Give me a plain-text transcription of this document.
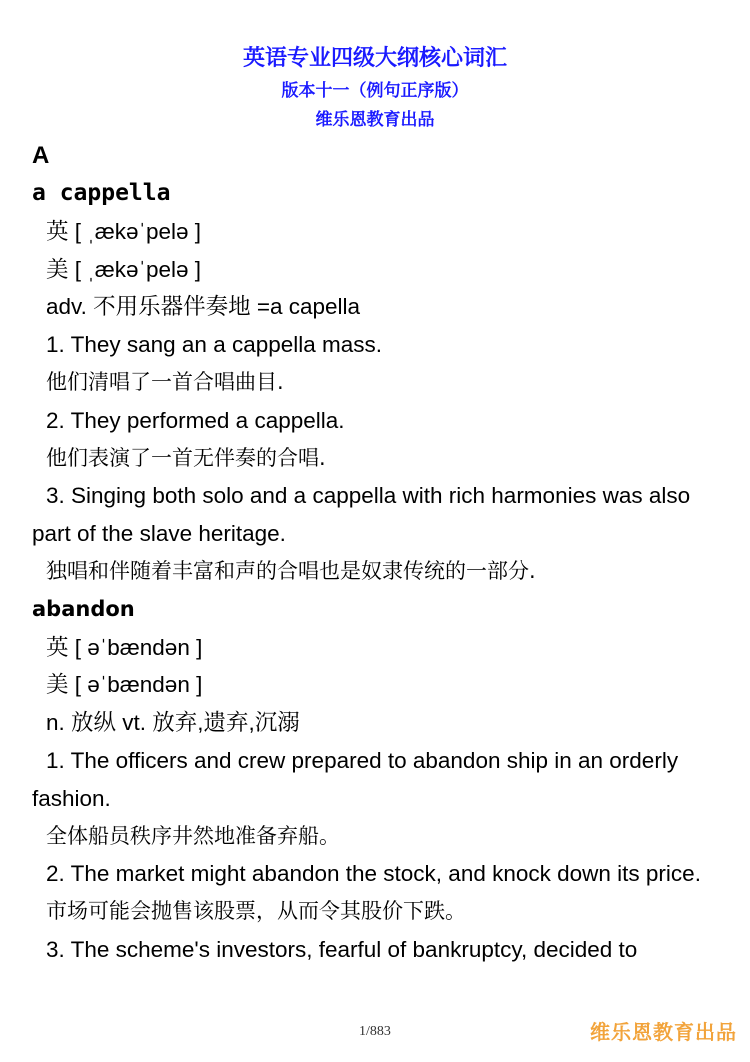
英语专业四级大纲核心词汇
版本十一（例句正序版）
维乐恩教育出品
A

a cappella

英 [ ˌækəˈpelə ]

美 [ ˌækəˈpelə ]

adv. 不用乐器伴奏地 =a capella

1. They sang an a cappella mass.

他们清唱了一首合唱曲目.

2. They performed a cappella.

他们表演了一首无伴奏的合唱.

3. Singing both solo and a cappella with rich harmonies was also part of the slave heritage.

独唱和伴随着丰富和声的合唱也是奴隶传统的一部分.

abandon

英 [ əˈbændən ]

美 [ əˈbændən ]

n. 放纵 vt. 放弃,遗弃,沉溺

1. The officers and crew prepared to abandon ship in an orderly fashion.

全体船员秩序井然地准备弃船。

2. The market might abandon the stock, and knock down its price.

市场可能会抛售该股票，从而令其股价下跌。

3. The scheme's investors, fearful of bankruptcy, decided to

1/883	维乐恩教育出品
